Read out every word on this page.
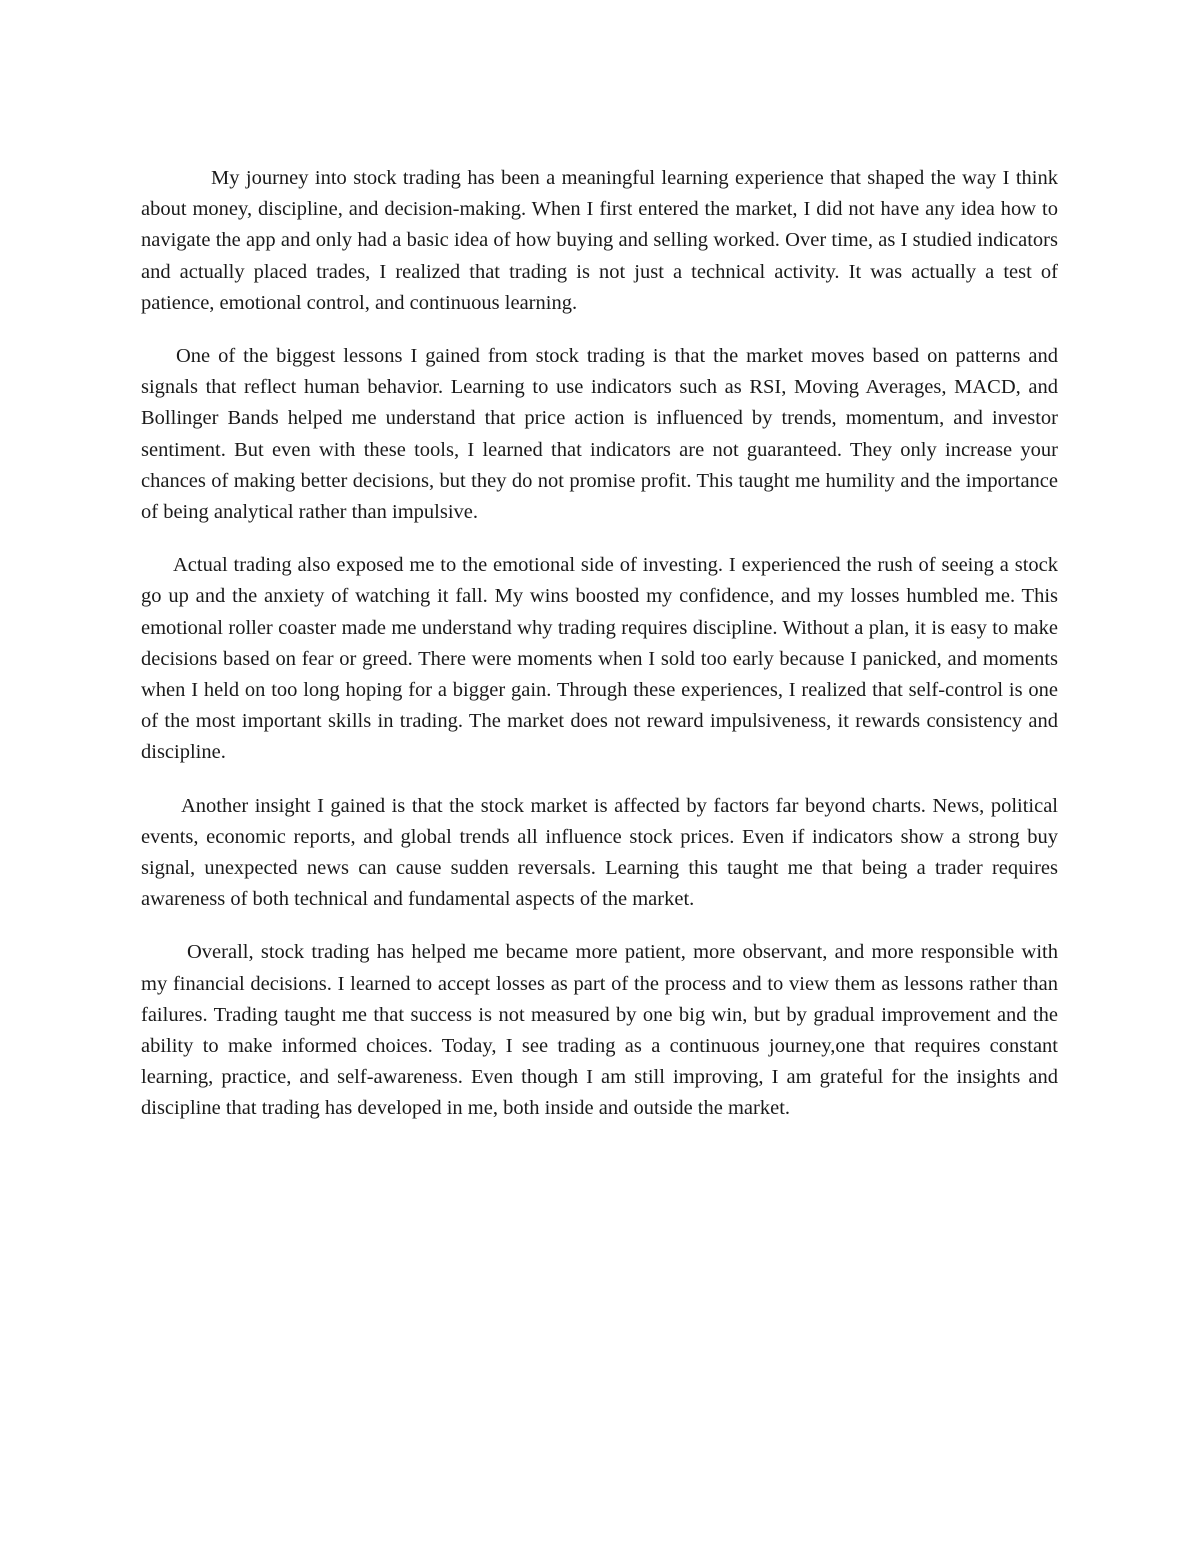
My journey into stock trading has been a meaningful learning experience that shaped the way I think about money, discipline, and decision-making. When I first entered the market, I did not have any idea how to navigate the app and only had a basic idea of how buying and selling worked. Over time, as I studied indicators and actually placed trades, I realized that trading is not just a technical activity. It was actually a test of patience, emotional control, and continuous learning.

One of the biggest lessons I gained from stock trading is that the market moves based on patterns and signals that reflect human behavior. Learning to use indicators such as RSI, Moving Averages, MACD, and Bollinger Bands helped me understand that price action is influenced by trends, momentum, and investor sentiment. But even with these tools, I learned that indicators are not guaranteed. They only increase your chances of making better decisions, but they do not promise profit. This taught me humility and the importance of being analytical rather than impulsive.

Actual trading also exposed me to the emotional side of investing. I experienced the rush of seeing a stock go up and the anxiety of watching it fall. My wins boosted my confidence, and my losses humbled me. This emotional roller coaster made me understand why trading requires discipline. Without a plan, it is easy to make decisions based on fear or greed. There were moments when I sold too early because I panicked, and moments when I held on too long hoping for a bigger gain. Through these experiences, I realized that self-control is one of the most important skills in trading. The market does not reward impulsiveness, it rewards consistency and discipline.

Another insight I gained is that the stock market is affected by factors far beyond charts. News, political events, economic reports, and global trends all influence stock prices. Even if indicators show a strong buy signal, unexpected news can cause sudden reversals. Learning this taught me that being a trader requires awareness of both technical and fundamental aspects of the market.

Overall, stock trading has helped me became more patient, more observant, and more responsible with my financial decisions. I learned to accept losses as part of the process and to view them as lessons rather than failures. Trading taught me that success is not measured by one big win, but by gradual improvement and the ability to make informed choices. Today, I see trading as a continuous journey,one that requires constant learning, practice, and self-awareness. Even though I am still improving, I am grateful for the insights and discipline that trading has developed in me, both inside and outside the market.
